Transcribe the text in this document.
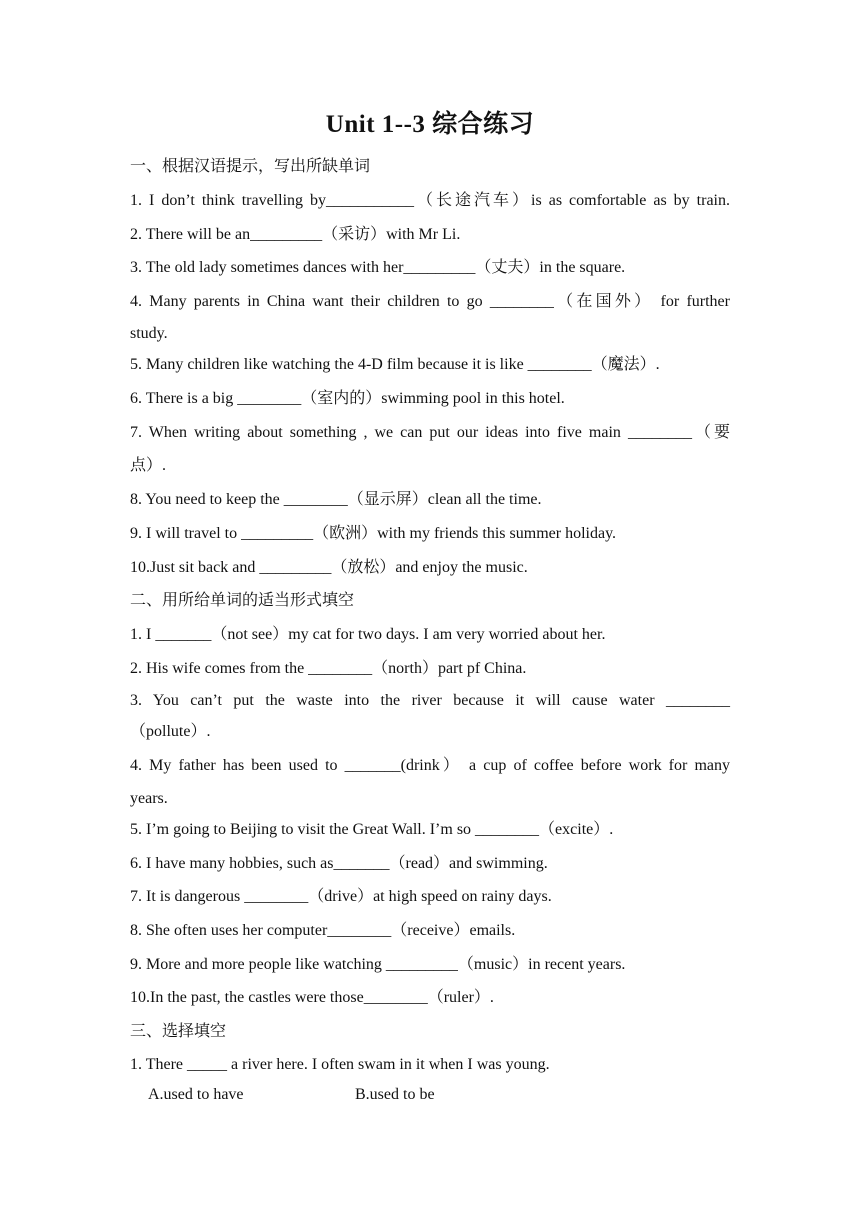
Unit 1--3 综合练习
一、根据汉语提示，写出所缺单词
1. I don’t think travelling by___________（长途汽车）is as comfortable as by train.
2. There will be an_________（采访）with Mr Li.
3. The old lady sometimes dances with her_________（丈夫）in the square.
4. Many parents in China want their children to go ________（在国外） for further
study.
5. Many children like watching the 4-D film because it is like ________（魔法）.
6. There is a big ________（室内的）swimming pool in this hotel.
7. When writing about something , we can put our ideas into five main ________（要
点）.
8. You need to keep the ________（显示屏）clean all the time.
9. I will travel to _________（欧洲）with my friends this summer holiday.
10.Just sit back and _________（放松）and enjoy the music.
二、用所给单词的适当形式填空
1. I _______（not see）my cat for two days. I am very worried about her.
2. His wife comes from the ________（north）part pf China.
3. You can’t put the waste into the river because it will cause water ________
（pollute）.
4. My father has been used to _______(drink） a cup of coffee before work for many
years.
5. I’m going to Beijing to visit the Great Wall. I’m so ________（excite）.
6. I have many hobbies, such as_______（read）and swimming.
7. It is dangerous ________（drive）at high speed on rainy days.
8. She often uses her computer________（receive）emails.
9. More and more people like watching _________（music）in recent years.
10.In the past, the castles were those________（ruler）.
三、选择填空
1. There _____ a river here. I often swam in it when I was young.
A.used to have	B.used to be
